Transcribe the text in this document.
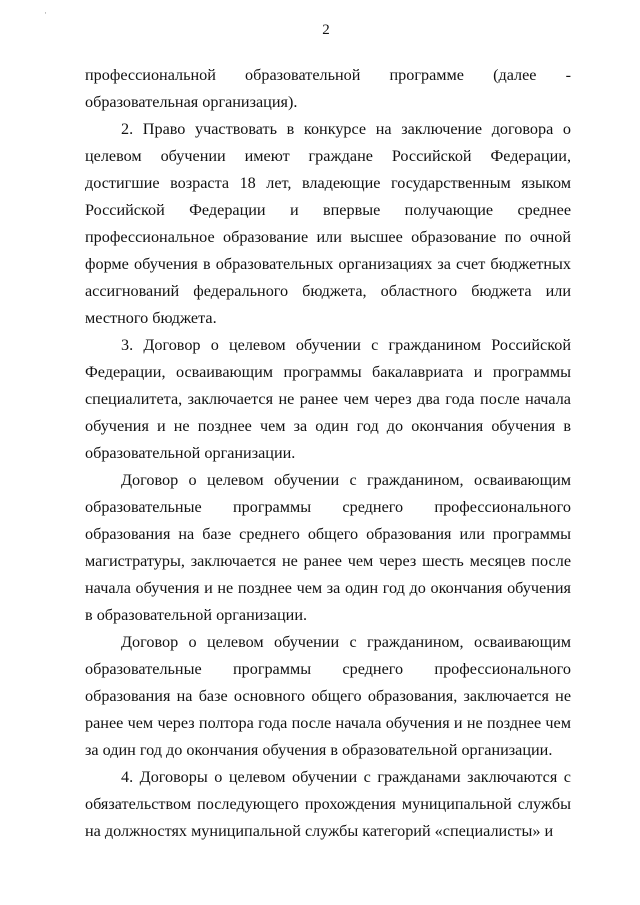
2
·

профессиональной образовательной программе (далее - образовательная организация).

2. Право участвовать в конкурсе на заключение договора о целевом обучении имеют граждане Российской Федерации, достигшие возраста 18 лет, владеющие государственным языком Российской Федерации и впервые получающие среднее профессиональное образование или высшее образование по очной форме обучения в образовательных организациях за счет бюджетных ассигнований федерального бюджета, областного бюджета или местного бюджета.

3. Договор о целевом обучении с гражданином Российской Федерации, осваивающим программы бакалавриата и программы специалитета, заключается не ранее чем через два года после начала обучения и не позднее чем за один год до окончания обучения в образовательной организации.

Договор о целевом обучении с гражданином, осваивающим образовательные программы среднего профессионального образования на базе среднего общего образования или программы магистратуры, заключается не ранее чем через шесть месяцев после начала обучения и не позднее чем за один год до окончания обучения в образовательной организации.

Договор о целевом обучении с гражданином, осваивающим образовательные программы среднего профессионального образования на базе основного общего образования, заключается не ранее чем через полтора года после начала обучения и не позднее чем за один год до окончания обучения в образовательной организации.

4. Договоры о целевом обучении с гражданами заключаются с обязательством последующего прохождения муниципальной службы на должностях муниципальной службы категорий «специалисты» и
